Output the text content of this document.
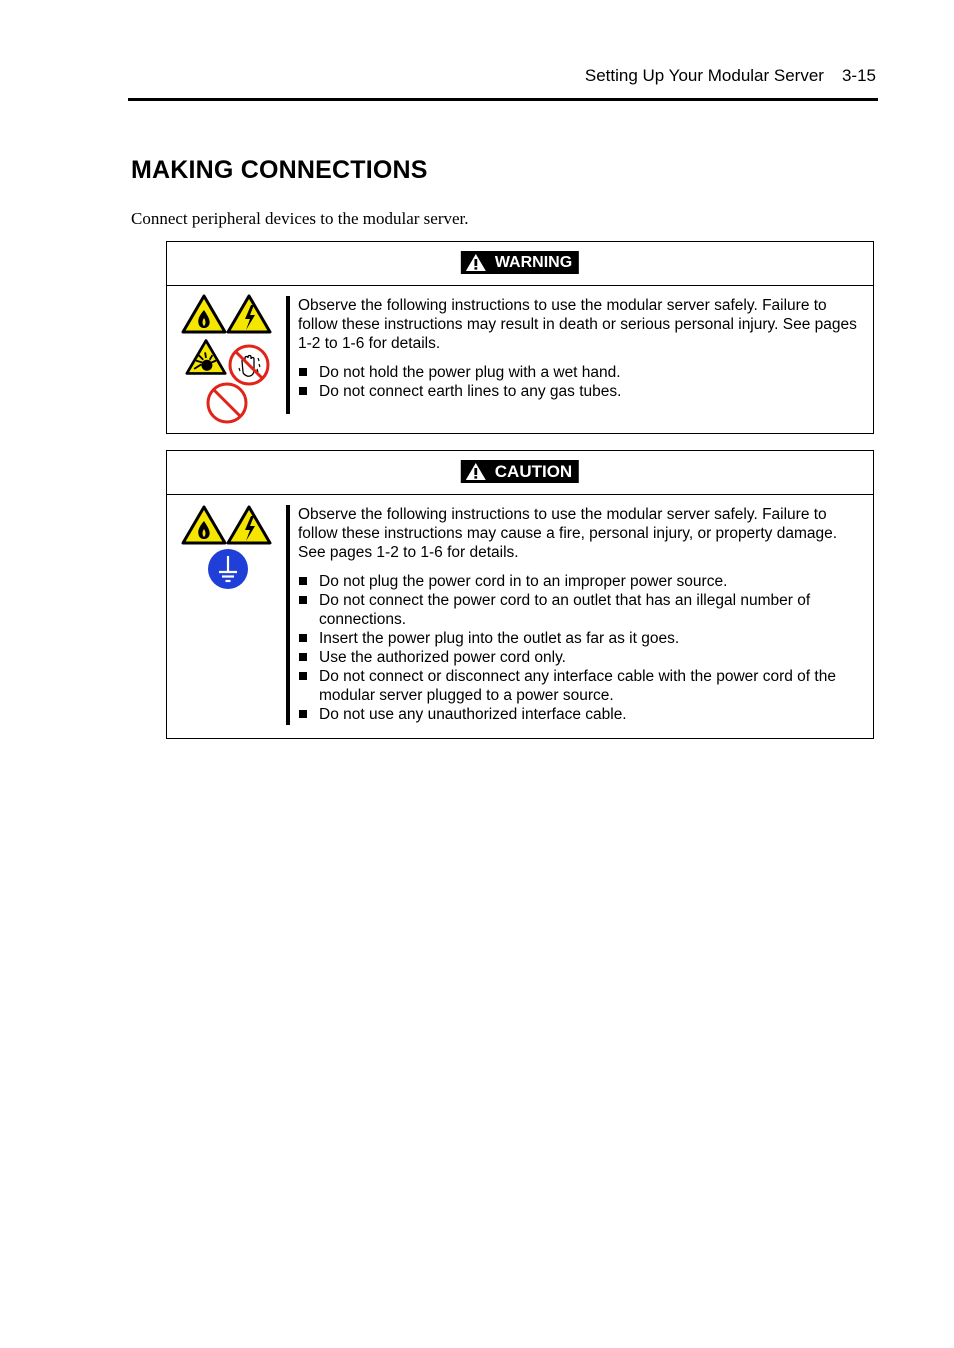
Setting Up Your Modular Server 3-15
MAKING CONNECTIONS

Connect peripheral devices to the modular server.

WARNING

Observe the following instructions to use the modular server safely. Failure to follow these instructions may result in death or serious personal injury. See pages 1-2 to 1-6 for details.

Do not hold the power plug with a wet hand.
Do not connect earth lines to any gas tubes.
CAUTION

Observe the following instructions to use the modular server safely. Failure to follow these instructions may cause a fire, personal injury, or property damage. See pages 1-2 to 1-6 for details.

Do not plug the power cord in to an improper power source.
Do not connect the power cord to an outlet that has an illegal number of connections.
Insert the power plug into the outlet as far as it goes.
Use the authorized power cord only.
Do not connect or disconnect any interface cable with the power cord of the modular server plugged to a power source.
Do not use any unauthorized interface cable.
